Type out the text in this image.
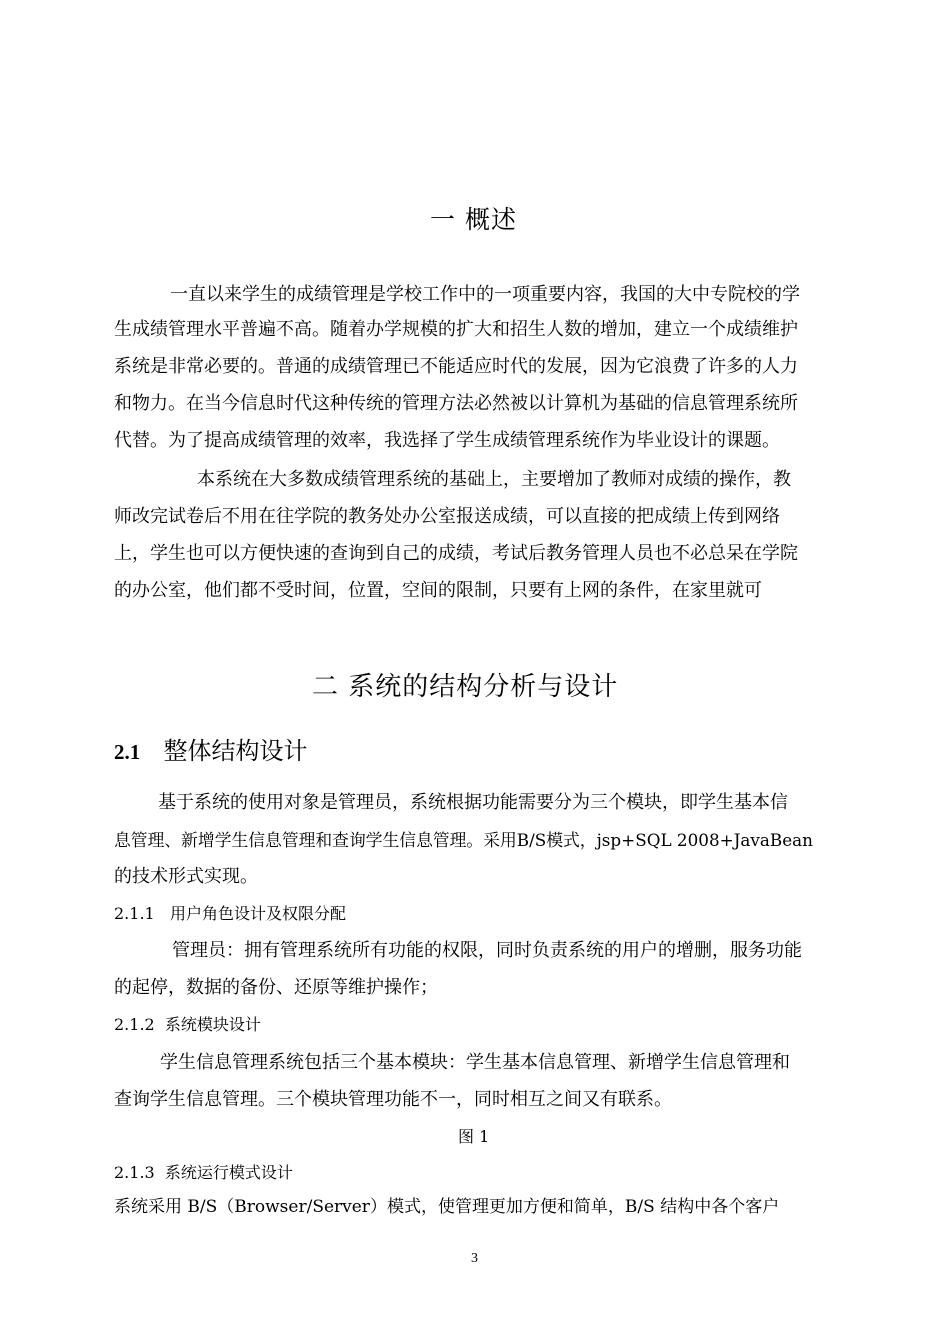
一 概述
一直以来学生的成绩管理是学校工作中的一项重要内容，我国的大中专院校的学
生成绩管理水平普遍不高。随着办学规模的扩大和招生人数的增加，建立一个成绩维护
系统是非常必要的。普通的成绩管理已不能适应时代的发展，因为它浪费了许多的人力
和物力。在当今信息时代这种传统的管理方法必然被以计算机为基础的信息管理系统所
代替。为了提高成绩管理的效率，我选择了学生成绩管理系统作为毕业设计的课题。
本系统在大多数成绩管理系统的基础上，主要增加了教师对成绩的操作，教
师改完试卷后不用在往学院的教务处办公室报送成绩，可以直接的把成绩上传到网络
上，学生也可以方便快速的查询到自己的成绩，考试后教务管理人员也不必总呆在学院
的办公室，他们都不受时间，位置，空间的限制，只要有上网的条件，在家里就可
二 系统的结构分析与设计
2.1 整体结构设计
基于系统的使用对象是管理员，系统根据功能需要分为三个模块，即学生基本信
息管理、新增学生信息管理和查询学生信息管理。采用B/S模式，jsp+SQL 2008+JavaBean
的技术形式实现。
2.1.1   用户角色设计及权限分配
管理员：拥有管理系统所有功能的权限，同时负责系统的用户的增删，服务功能
的起停，数据的备份、还原等维护操作；
2.1.2  系统模块设计
学生信息管理系统包括三个基本模块：学生基本信息管理、新增学生信息管理和
查询学生信息管理。三个模块管理功能不一，同时相互之间又有联系。
图 1
2.1.3  系统运行模式设计
系统采用 B/S（Browser/Server）模式，使管理更加方便和简单，B/S 结构中各个客户
3
